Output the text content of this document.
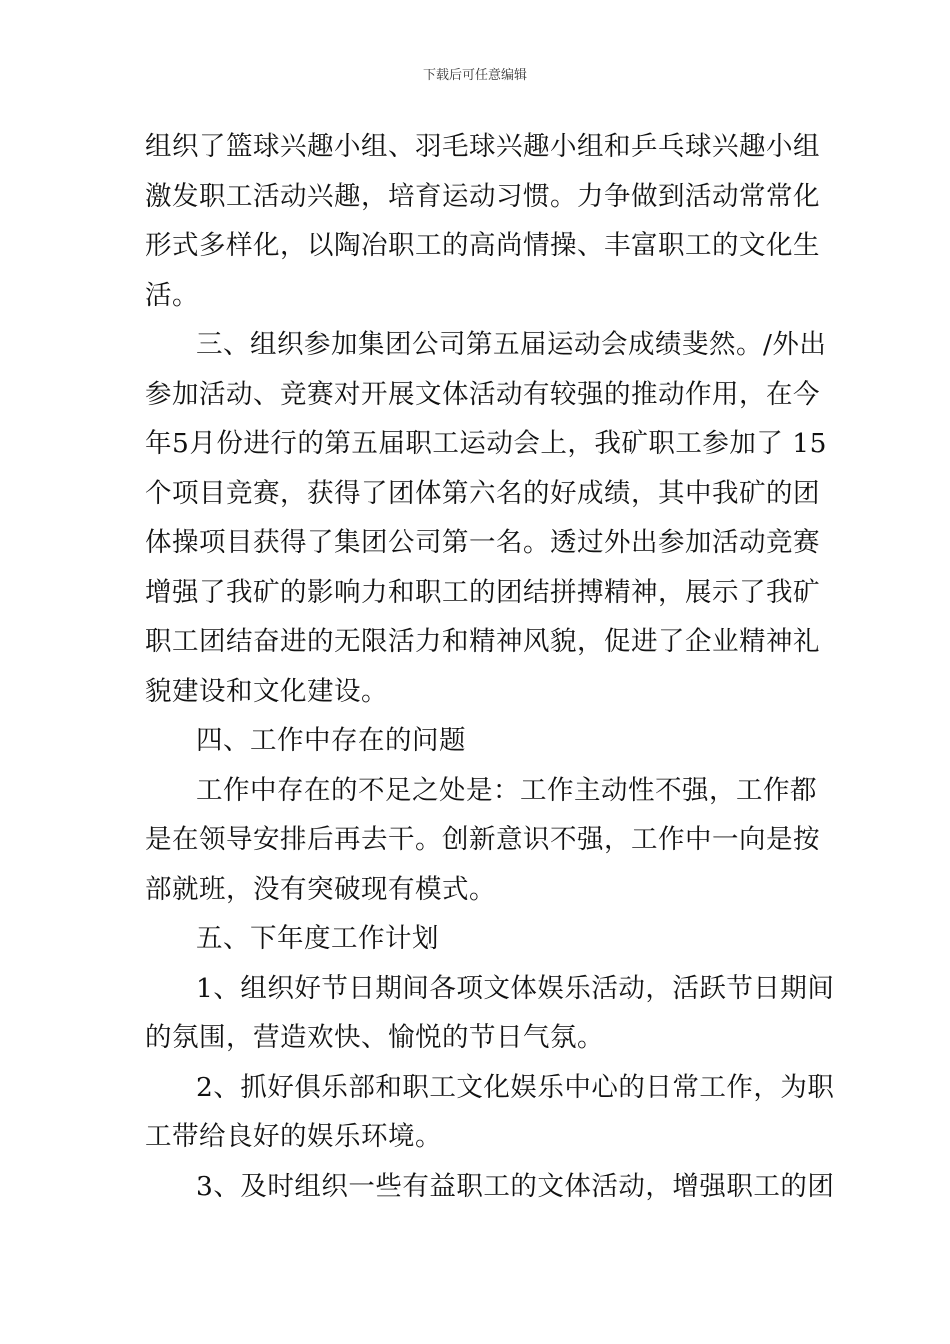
下载后可任意编辑
组织了篮球兴趣小组、羽毛球兴趣小组和乒乓球兴趣小组
激发职工活动兴趣，培育运动习惯。力争做到活动常常化
形式多样化，以陶冶职工的高尚情操、丰富职工的文化生
活。
三、组织参加集团公司第五届运动会成绩斐然。/外出
参加活动、竞赛对开展文体活动有较强的推动作用，在今
年5月份进行的第五届职工运动会上，我矿职工参加了 15
个项目竞赛，获得了团体第六名的好成绩，其中我矿的团
体操项目获得了集团公司第一名。透过外出参加活动竞赛
增强了我矿的影响力和职工的团结拼搏精神，展示了我矿
职工团结奋进的无限活力和精神风貌，促进了企业精神礼
貌建设和文化建设。
四、工作中存在的问题
工作中存在的不足之处是：工作主动性不强，工作都
是在领导安排后再去干。创新意识不强，工作中一向是按
部就班，没有突破现有模式。
五、下年度工作计划
1、组织好节日期间各项文体娱乐活动，活跃节日期间
的氛围，营造欢快、愉悦的节日气氛。
2、抓好俱乐部和职工文化娱乐中心的日常工作，为职
工带给良好的娱乐环境。
3、及时组织一些有益职工的文体活动，增强职工的团
